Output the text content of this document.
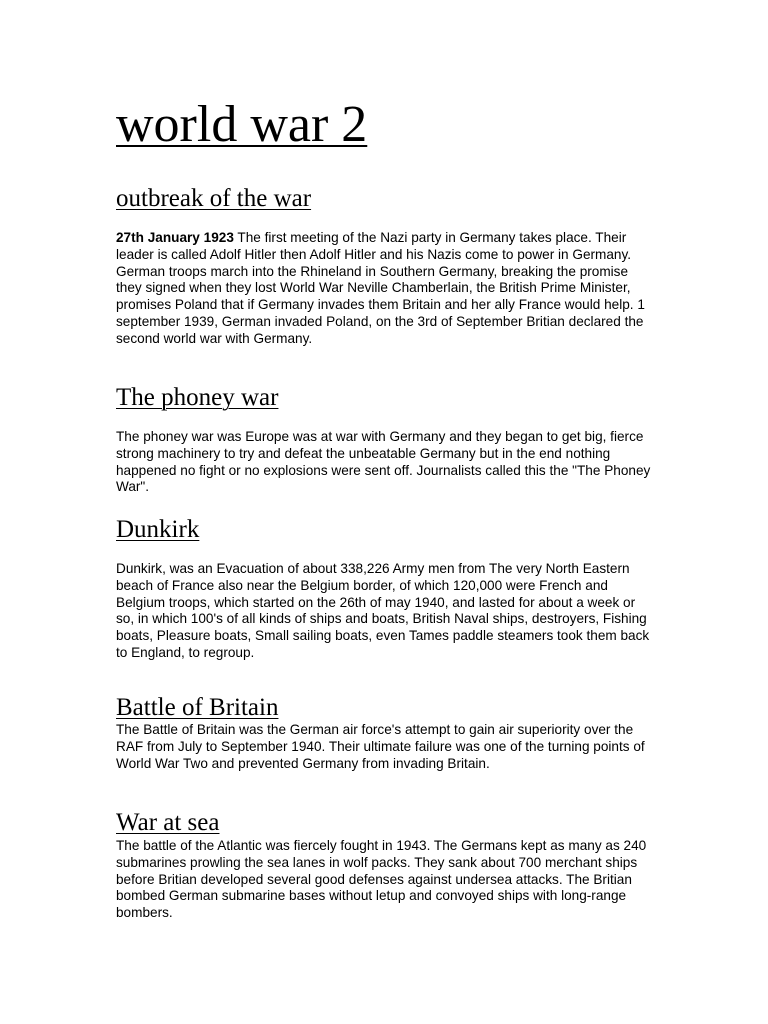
world war 2
outbreak of the war

27th January 1923 The first meeting of the Nazi party in Germany takes place. Their leader is called Adolf Hitler then Adolf Hitler and his Nazis come to power in Germany. German troops march into the Rhineland in Southern Germany, breaking the promise they signed when they lost World War Neville Chamberlain, the British Prime Minister, promises Poland that if Germany invades them Britain and her ally France would help. 1 september 1939, German invaded Poland, on the 3rd of September Britian declared the second world war with Germany.

The phoney war

The phoney war was Europe was at war with Germany and they began to get big, fierce strong machinery to try and defeat the unbeatable Germany but in the end nothing happened no fight or no explosions were sent off. Journalists called this the "The Phoney War".

Dunkirk

Dunkirk, was an Evacuation of about 338,226 Army men from The very North Eastern beach of France also near the Belgium border, of which 120,000 were French and Belgium troops, which started on the 26th of may 1940, and lasted for about a week or so, in which 100's of all kinds of ships and boats, British Naval ships, destroyers, Fishing boats, Pleasure boats, Small sailing boats, even Tames paddle steamers took them back to England, to regroup.

Battle of Britain

The Battle of Britain was the German air force's attempt to gain air superiority over the RAF from July to September 1940. Their ultimate failure was one of the turning points of World War Two and prevented Germany from invading Britain.

War at sea

The battle of the Atlantic was fiercely fought in 1943. The Germans kept as many as 240 submarines prowling the sea lanes in wolf packs. They sank about 700 merchant ships before Britian developed several good defenses against undersea attacks. The Britian bombed German submarine bases without letup and convoyed ships with long-range bombers.
